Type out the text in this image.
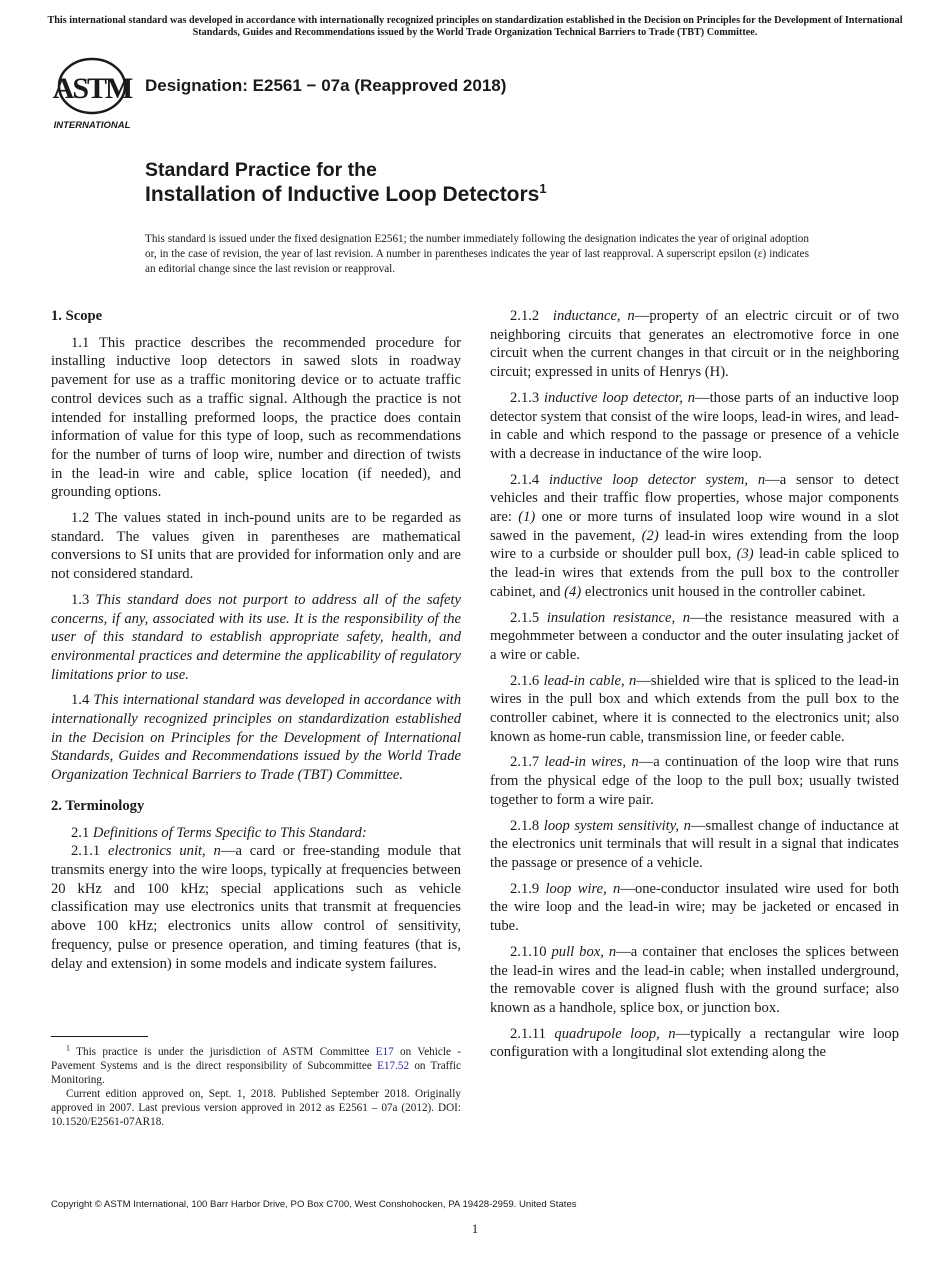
This international standard was developed in accordance with internationally recognized principles on standardization established in the Decision on Principles for the Development of International Standards, Guides and Recommendations issued by the World Trade Organization Technical Barriers to Trade (TBT) Committee.
ASTM
INTERNATIONAL
Designation: E2561 − 07a (Reapproved 2018)
Standard Practice for the
Installation of Inductive Loop Detectors$^1$
This standard is issued under the fixed designation E2561; the number immediately following the designation indicates the year of original adoption or, in the case of revision, the year of last revision. A number in parentheses indicates the year of last reapproval. A superscript epsilon (ε) indicates an editorial change since the last revision or reapproval.
1. Scope

1.1 This practice describes the recommended procedure for installing inductive loop detectors in sawed slots in roadway pavement for use as a traffic monitoring device or to actuate traffic control devices such as a traffic signal. Although the practice is not intended for installing preformed loops, the practice does contain information of value for this type of loop, such as recommendations for the number of turns of loop wire, number and direction of twists in the lead-in wire and cable, splice location (if needed), and grounding options.

1.2 The values stated in inch-pound units are to be regarded as standard. The values given in parentheses are mathematical conversions to SI units that are provided for information only and are not considered standard.

1.3 This standard does not purport to address all of the safety concerns, if any, associated with its use. It is the responsibility of the user of this standard to establish appropriate safety, health, and environmental practices and determine the applicability of regulatory limitations prior to use.

1.4 This international standard was developed in accordance with internationally recognized principles on standardization established in the Decision on Principles for the Development of International Standards, Guides and Recommendations issued by the World Trade Organization Technical Barriers to Trade (TBT) Committee.

2. Terminology

2.1 Definitions of Terms Specific to This Standard:

2.1.1 electronics unit, n—a card or free-standing module that transmits energy into the wire loops, typically at frequencies between 20 kHz and 100 kHz; special applications such as vehicle classification may use electronics units that transmit at frequencies above 100 kHz; electronics units allow control of sensitivity, frequency, pulse or presence operation, and timing features (that is, delay and extension) in some models and indicate system failures.

2.1.2 inductance, n—property of an electric circuit or of two neighboring circuits that generates an electromotive force in one circuit when the current changes in that circuit or in the neighboring circuit; expressed in units of Henrys (H).

2.1.3 inductive loop detector, n—those parts of an inductive loop detector system that consist of the wire loops, lead-in wires, and lead-in cable and which respond to the passage or presence of a vehicle with a decrease in inductance of the wire loop.

2.1.4 inductive loop detector system, n—a sensor to detect vehicles and their traffic flow properties, whose major components are: (1) one or more turns of insulated loop wire wound in a slot sawed in the pavement, (2) lead-in wires extending from the loop wire to a curbside or shoulder pull box, (3) lead-in cable spliced to the lead-in wires that extends from the pull box to the controller cabinet, and (4) electronics unit housed in the controller cabinet.

2.1.5 insulation resistance, n—the resistance measured with a megohmmeter between a conductor and the outer insulating jacket of a wire or cable.

2.1.6 lead-in cable, n—shielded wire that is spliced to the lead-in wires in the pull box and which extends from the pull box to the controller cabinet, where it is connected to the electronics unit; also known as home-run cable, transmission line, or feeder cable.

2.1.7 lead-in wires, n—a continuation of the loop wire that runs from the physical edge of the loop to the pull box; usually twisted together to form a wire pair.

2.1.8 loop system sensitivity, n—smallest change of inductance at the electronics unit terminals that will result in a signal that indicates the passage or presence of a vehicle.

2.1.9 loop wire, n—one-conductor insulated wire used for both the wire loop and the lead-in wire; may be jacketed or encased in tube.

2.1.10 pull box, n—a container that encloses the splices between the lead-in wires and the lead-in cable; when installed underground, the removable cover is aligned flush with the ground surface; also known as a handhole, splice box, or junction box.

2.1.11 quadrupole loop, n—typically a rectangular wire loop configuration with a longitudinal slot extending along the

$^1$ This practice is under the jurisdiction of ASTM Committee E17 on Vehicle - Pavement Systems and is the direct responsibility of Subcommittee E17.52 on Traffic Monitoring.

Current edition approved on, Sept. 1, 2018. Published September 2018. Originally approved in 2007. Last previous version approved in 2012 as E2561 – 07a (2012). DOI: 10.1520/E2561-07AR18.

Copyright © ASTM International, 100 Barr Harbor Drive, PO Box C700, West Conshohocken, PA 19428-2959. United States
1
